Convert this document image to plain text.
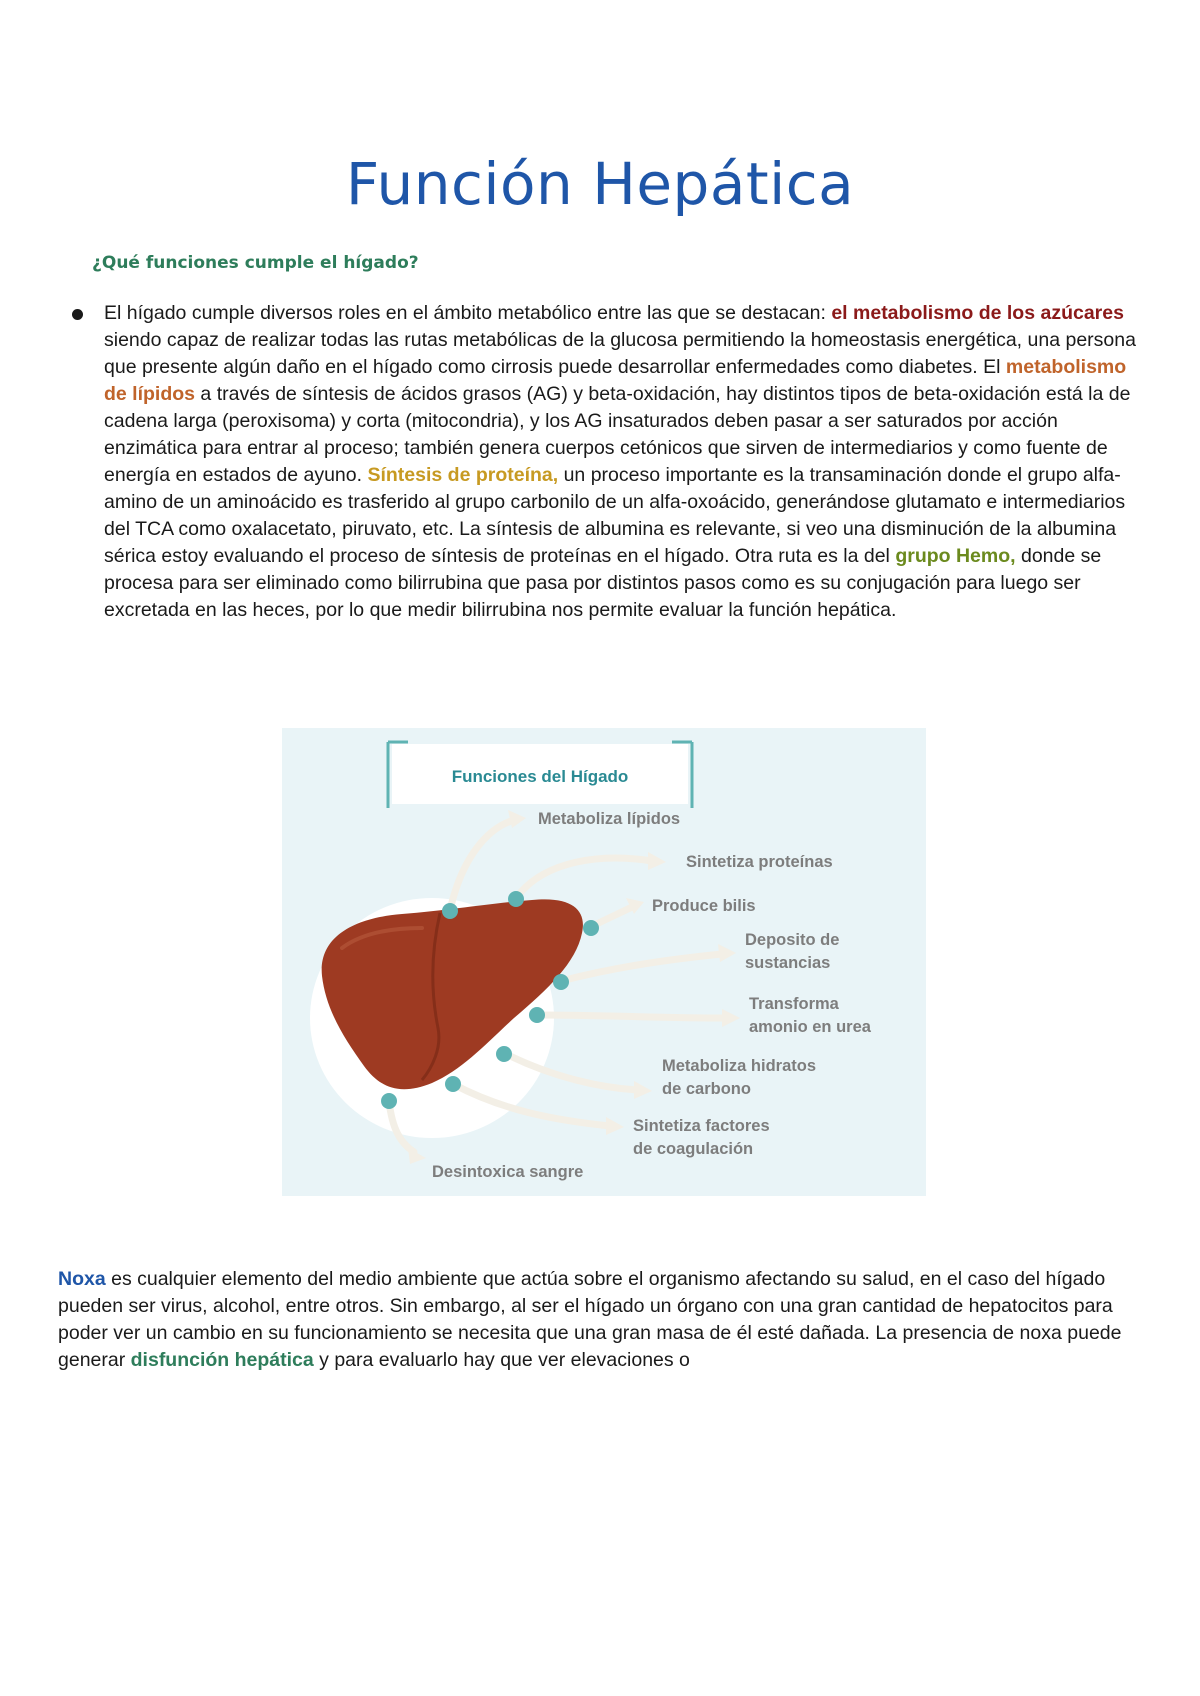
Función Hepática

¿Qué funciones cumple el hígado?

El hígado cumple diversos roles en el ámbito metabólico entre las que se destacan: el metabolismo de los azúcares siendo capaz de realizar todas las rutas metabólicas de la glucosa permitiendo la homeostasis energética, una persona que presente algún daño en el hígado como cirrosis puede desarrollar enfermedades como diabetes. El metabolismo de lípidos a través de síntesis de ácidos grasos (AG) y beta-oxidación, hay distintos tipos de beta-oxidación está la de cadena larga (peroxisoma) y corta (mitocondria), y los AG insaturados deben pasar a ser saturados por acción enzimática para entrar al proceso; también genera cuerpos cetónicos que sirven de intermediarios y como fuente de energía en estados de ayuno. Síntesis de proteína, un proceso importante es la transaminación donde el grupo alfa-amino de un aminoácido es trasferido al grupo carbonilo de un alfa-oxoácido, generándose glutamato e intermediarios del TCA como oxalacetato, piruvato, etc. La síntesis de albumina es relevante, si veo una disminución de la albumina sérica estoy evaluando el proceso de síntesis de proteínas en el hígado. Otra ruta es la del grupo Hemo, donde se procesa para ser eliminado como bilirrubina que pasa por distintos pasos como es su conjugación para luego ser excretada en las heces, por lo que medir bilirrubina nos permite evaluar la función hepática.

Funciones del Hígado
Metaboliza lípidos
Sintetiza proteínas
Produce bilis
Deposito de
sustancias
Transforma
amonio en urea
Metaboliza hidratos
de carbono
Sintetiza factores
de coagulación
Desintoxica sangre

Noxa es cualquier elemento del medio ambiente que actúa sobre el organismo afectando su salud, en el caso del hígado pueden ser virus, alcohol, entre otros. Sin embargo, al ser el hígado un órgano con una gran cantidad de hepatocitos para poder ver un cambio en su funcionamiento se necesita que una gran masa de él esté dañada. La presencia de noxa puede generar disfunción hepática y para evaluarlo hay que ver elevaciones o
